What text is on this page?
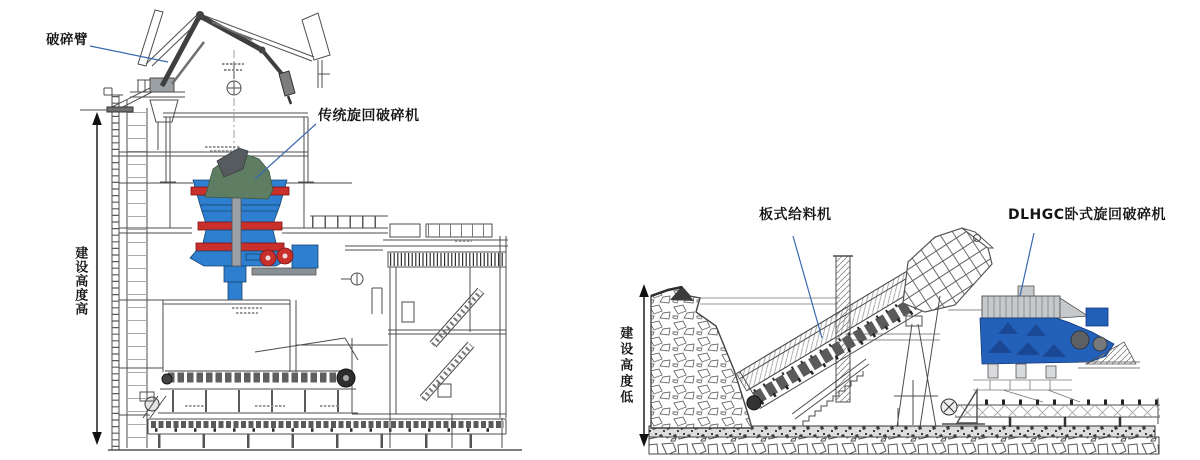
破碎臂
传统旋回破碎机
建设高度高
板式给料机	DLHGC卧式旋回破碎机
建设高度低
